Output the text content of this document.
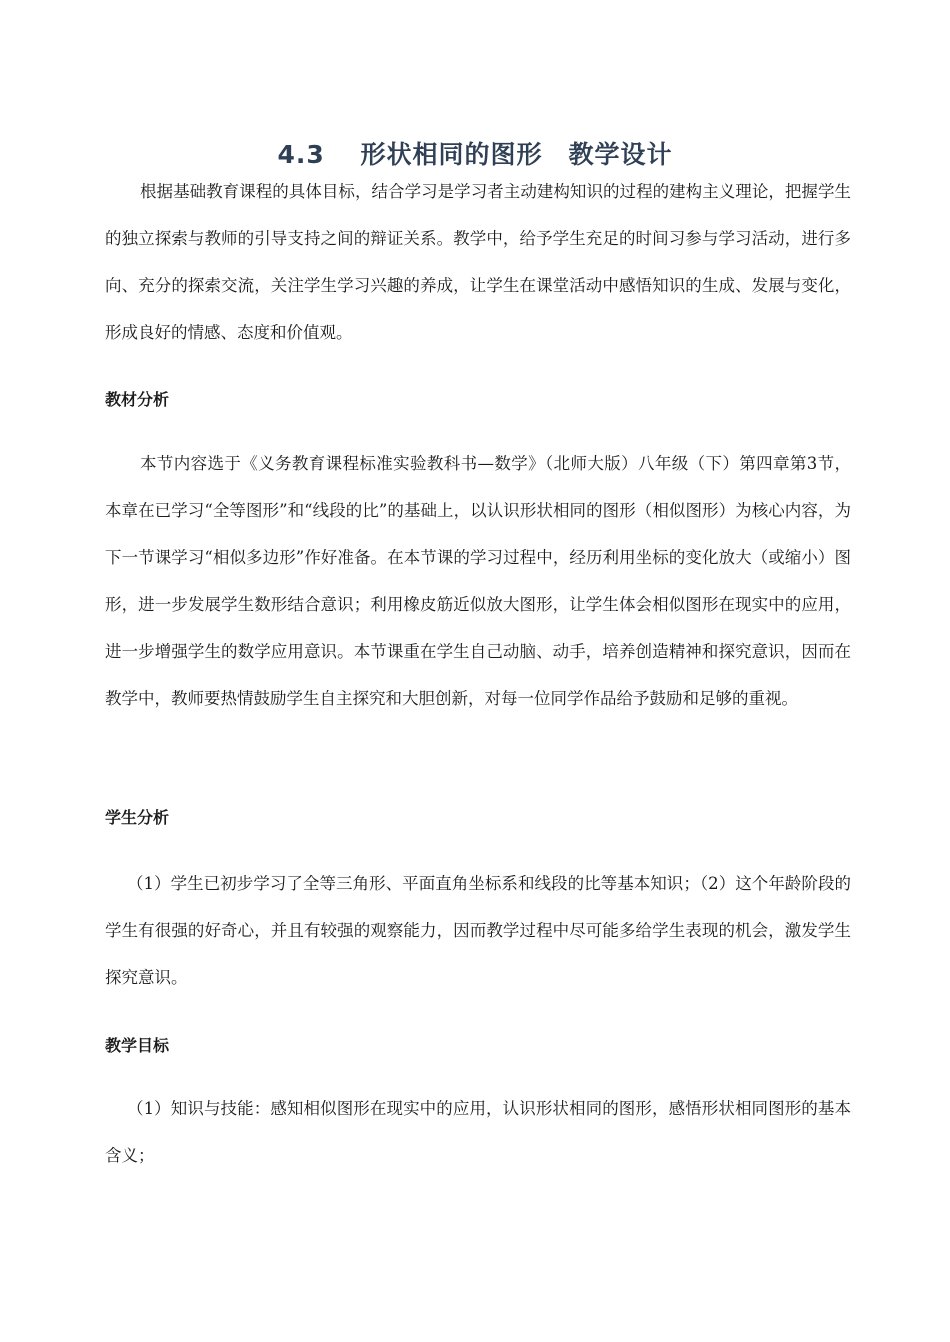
4.3　 形状相同的图形　教学设计

根据基础教育课程的具体目标，结合学习是学习者主动建构知识的过程的建构主义理论，把握学生的独立探索与教师的引导支持之间的辩证关系。教学中，给予学生充足的时间习参与学习活动，进行多向、充分的探索交流，关注学生学习兴趣的养成，让学生在课堂活动中感悟知识的生成、发展与变化，形成良好的情感、态度和价值观。

教材分析

本节内容选于《义务教育课程标准实验教科书—数学》（北师大版）八年级（下）第四章第3节，本章在已学习“全等图形”和“线段的比”的基础上，以认识形状相同的图形（相似图形）为核心内容，为下一节课学习“相似多边形”作好准备。在本节课的学习过程中，经历利用坐标的变化放大（或缩小）图形，进一步发展学生数形结合意识；利用橡皮筋近似放大图形，让学生体会相似图形在现实中的应用，进一步增强学生的数学应用意识。本节课重在学生自己动脑、动手，培养创造精神和探究意识，因而在教学中，教师要热情鼓励学生自主探究和大胆创新，对每一位同学作品给予鼓励和足够的重视。

学生分析

（1）学生已初步学习了全等三角形、平面直角坐标系和线段的比等基本知识；（2）这个年龄阶段的学生有很强的好奇心，并且有较强的观察能力，因而教学过程中尽可能多给学生表现的机会，激发学生探究意识。

教学目标

（1）知识与技能：感知相似图形在现实中的应用，认识形状相同的图形，感悟形状相同图形的基本含义；
